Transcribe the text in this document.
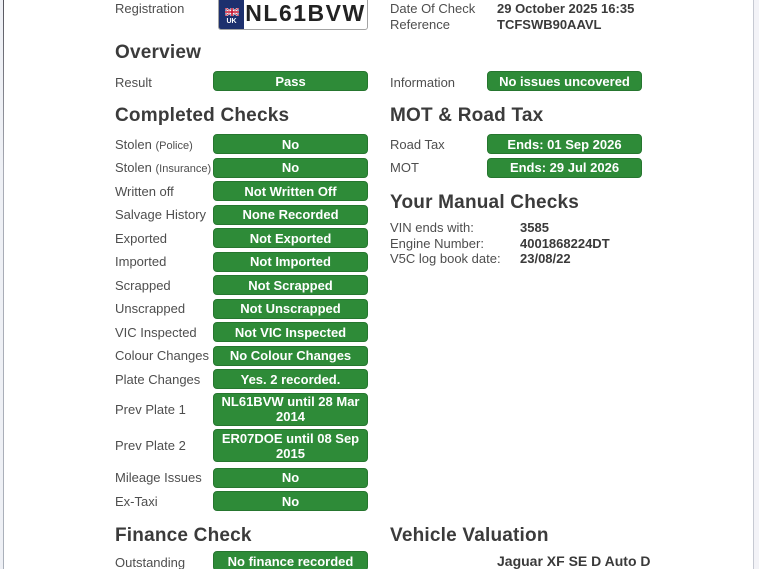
Registration
UK NL61BVW Date Of Check 29 October 2025 16:35
Reference	TCFSWB90AAVL
Overview
Result	Pass	Information	No issues uncovered
Completed Checks
Stolen (Police)	No
Stolen (Insurance)	No
Written off	Not Written Off
Salvage History	None Recorded
Exported	Not Exported
Imported	Not Imported
Scrapped	Not Scrapped
Unscrapped	Not Unscrapped
VIC Inspected	Not VIC Inspected
Colour Changes	No Colour Changes
Plate Changes	Yes. 2 recorded.
Prev Plate 1	NL61BVW until 28 Mar 2014
Prev Plate 2	ER07DOE until 08 Sep 2015
Mileage Issues	No
Ex-Taxi	No
MOT & Road Tax
Road Tax	Ends: 01 Sep 2026
MOT	Ends: 29 Jul 2026
Your Manual Checks
VIN ends with:	3585
Engine Number:	4001868224DT
V5C log book date:	23/08/22
Finance Check
Outstanding	No finance recorded
Vehicle Valuation
Jaguar XF SE D Auto D
